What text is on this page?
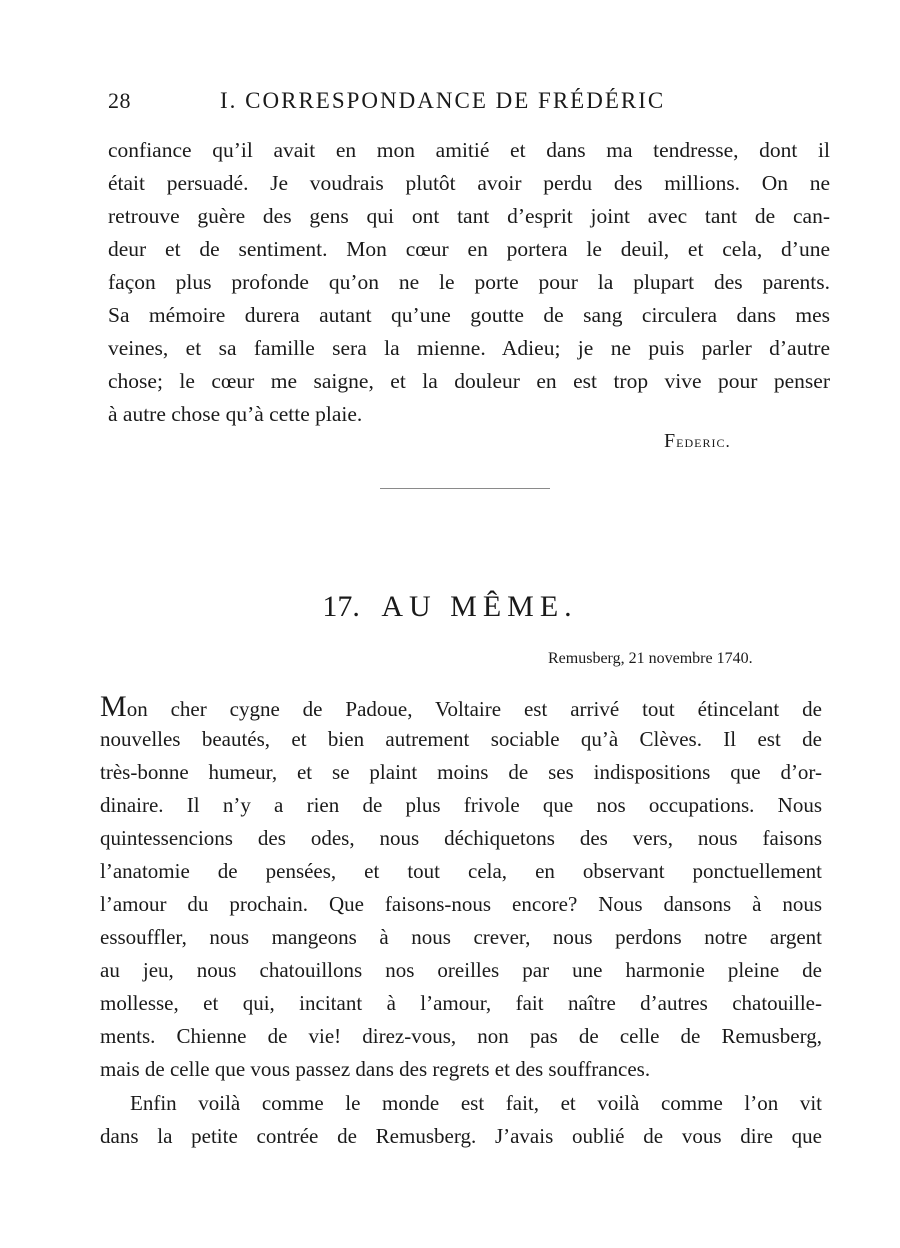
28	I. CORRESPONDANCE DE FRÉDÉRIC
confiance qu’il avait en mon amitié et dans ma tendresse, dont il
était persuadé. Je voudrais plutôt avoir perdu des millions. On ne
retrouve guère des gens qui ont tant d’esprit joint avec tant de can-
deur et de sentiment. Mon cœur en portera le deuil, et cela, d’une
façon plus profonde qu’on ne le porte pour la plupart des parents.
Sa mémoire durera autant qu’une goutte de sang circulera dans mes
veines, et sa famille sera la mienne. Adieu; je ne puis parler d’autre
chose; le cœur me saigne, et la douleur en est trop vive pour penser
à autre chose qu’à cette plaie.
Federic.
17. AU MÊME.
Remusberg, 21 novembre 1740.
Mon cher cygne de Padoue, Voltaire est arrivé tout étincelant de
nouvelles beautés, et bien autrement sociable qu’à Clèves. Il est de
très-bonne humeur, et se plaint moins de ses indispositions que d’or-
dinaire. Il n’y a rien de plus frivole que nos occupations. Nous
quintessencions des odes, nous déchiquetons des vers, nous faisons
l’anatomie de pensées, et tout cela, en observant ponctuellement
l’amour du prochain. Que faisons-nous encore? Nous dansons à nous
essouffler, nous mangeons à nous crever, nous perdons notre argent
au jeu, nous chatouillons nos oreilles par une harmonie pleine de
mollesse, et qui, incitant à l’amour, fait naître d’autres chatouille-
ments. Chienne de vie! direz-vous, non pas de celle de Remusberg,
mais de celle que vous passez dans des regrets et des souffrances.
Enfin voilà comme le monde est fait, et voilà comme l’on vit
dans la petite contrée de Remusberg. J’avais oublié de vous dire que
